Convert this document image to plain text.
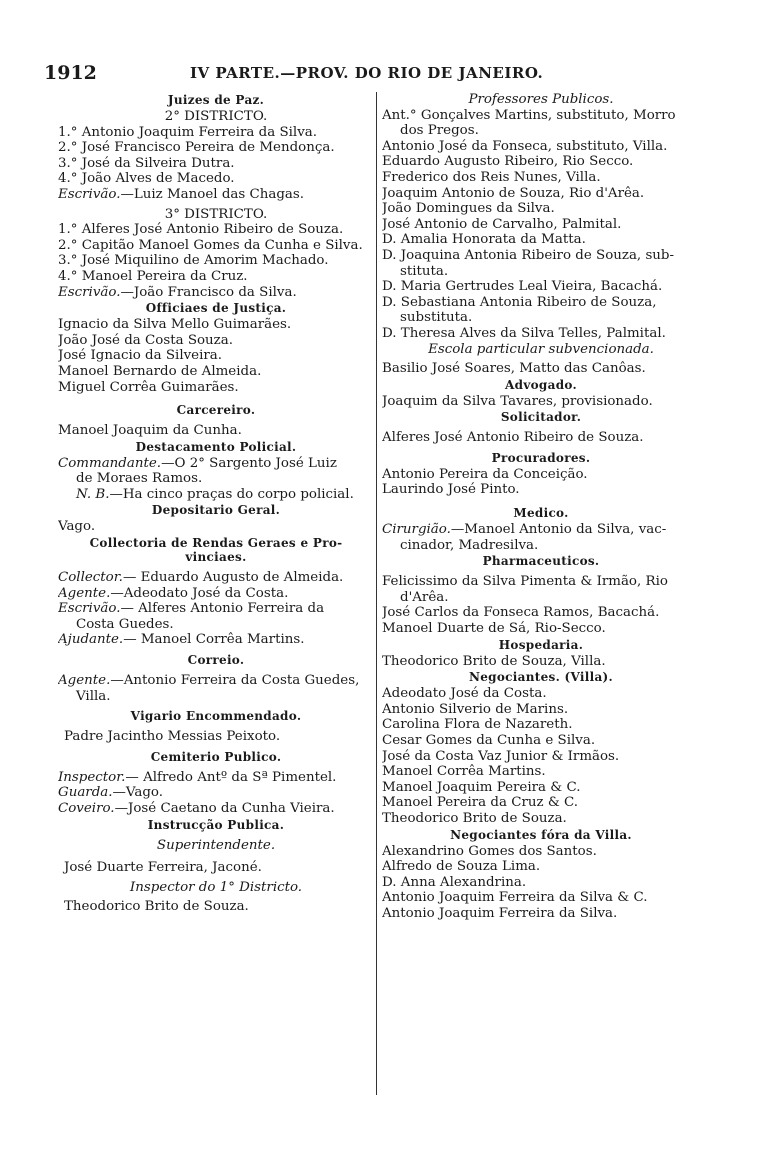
1912	IV PARTE.—PROV. DO RIO DE JANEIRO.
Juizes de Paz.
2° DISTRICTO.
1.° Antonio Joaquim Ferreira da Silva.
2.° José Francisco Pereira de Mendonça.
3.° José da Silveira Dutra.
4.° João Alves de Macedo.
Escrivão.—Luiz Manoel das Chagas.
3° DISTRICTO.
1.° Alferes José Antonio Ribeiro de Souza.
2.° Capitão Manoel Gomes da Cunha e Silva.
3.° José Miquilino de Amorim Machado.
4.° Manoel Pereira da Cruz.
Escrivão.—João Francisco da Silva.
Officiaes de Justiça.
Ignacio da Silva Mello Guimarães.
João José da Costa Souza.
José Ignacio da Silveira.
Manoel Bernardo de Almeida.
Miguel Corrêa Guimarães.
Carcereiro.
Manoel Joaquim da Cunha.
Destacamento Policial.
Commandante.—O 2° Sargento José Luiz
de Moraes Ramos.
N. B.—Ha cinco praças do corpo policial.
Depositario Geral.
Vago.
Collectoria de Rendas Geraes e Pro-
vinciaes.
Collector.— Eduardo Augusto de Almeida.
Agente.—Adeodato José da Costa.
Escrivão.— Alferes Antonio Ferreira da
Costa Guedes.
Ajudante.— Manoel Corrêa Martins.
Correio.
Agente.—Antonio Ferreira da Costa Guedes,
Villa.
Vigario Encommendado.
Padre Jacintho Messias Peixoto.
Cemiterio Publico.
Inspector.— Alfredo Antº da Sª Pimentel.
Guarda.—Vago.
Coveiro.—José Caetano da Cunha Vieira.
Instrucção Publica.
Superintendente.
José Duarte Ferreira, Jaconé.
Inspector do 1° Districto.
Theodorico Brito de Souza.
Professores Publicos.
Ant.° Gonçalves Martins, substituto, Morro
dos Pregos.
Antonio José da Fonseca, substituto, Villa.
Eduardo Augusto Ribeiro, Rio Secco.
Frederico dos Reis Nunes, Villa.
Joaquim Antonio de Souza, Rio d'Arêa.
João Domingues da Silva.
José Antonio de Carvalho, Palmital.
D. Amalia Honorata da Matta.
D. Joaquina Antonia Ribeiro de Souza, sub-
stituta.
D. Maria Gertrudes Leal Vieira, Bacachá.
D. Sebastiana Antonia Ribeiro de Souza,
substituta.
D. Theresa Alves da Silva Telles, Palmital.
Escola particular subvencionada.
Basilio José Soares, Matto das Canôas.
Advogado.
Joaquim da Silva Tavares, provisionado.
Solicitador.
Alferes José Antonio Ribeiro de Souza.
Procuradores.
Antonio Pereira da Conceição.
Laurindo José Pinto.
Medico.
Cirurgião.—Manoel Antonio da Silva, vac-
cinador, Madresilva.
Pharmaceuticos.
Felicissimo da Silva Pimenta & Irmão, Rio
d'Arêa.
José Carlos da Fonseca Ramos, Bacachá.
Manoel Duarte de Sá, Rio-Secco.
Hospedaria.
Theodorico Brito de Souza, Villa.
Negociantes. (Villa).
Adeodato José da Costa.
Antonio Silverio de Marins.
Carolina Flora de Nazareth.
Cesar Gomes da Cunha e Silva.
José da Costa Vaz Junior & Irmãos.
Manoel Corrêa Martins.
Manoel Joaquim Pereira & C.
Manoel Pereira da Cruz & C.
Theodorico Brito de Souza.
Negociantes fóra da Villa.
Alexandrino Gomes dos Santos.
Alfredo de Souza Lima.
D. Anna Alexandrina.
Antonio Joaquim Ferreira da Silva & C.
Antonio Joaquim Ferreira da Silva.
